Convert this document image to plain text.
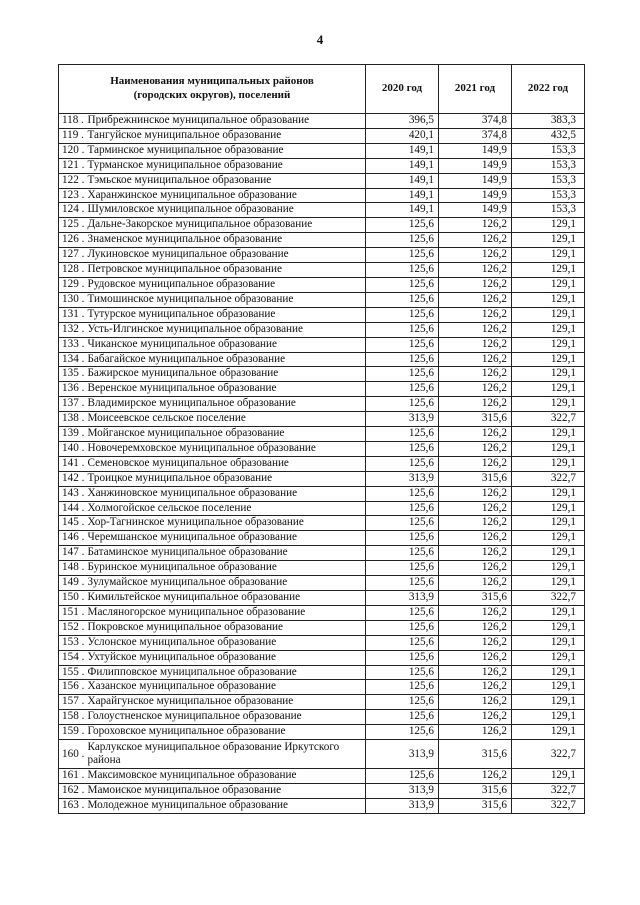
4
Наименования муниципальных районов
(городских округов), поселений		2020 год	2021 год	2022 год
118 .	Прибрежнинское муниципальное образование	396,5	374,8	383,3
119 .	Тангуйское муниципальное образование	420,1	374,8	432,5
120 .	Тарминское муниципальное образование	149,1	149,9	153,3
121 .	Турманское муниципальное образование	149,1	149,9	153,3
122 .	Тэмьское муниципальное образование	149,1	149,9	153,3
123 .	Харанжинское муниципальное образование	149,1	149,9	153,3
124 .	Шумиловское муниципальное образование	149,1	149,9	153,3
125 .	Дальне-Закорское муниципальное образование	125,6	126,2	129,1
126 .	Знаменское муниципальное образование	125,6	126,2	129,1
127 .	Лукиновское муниципальное образование	125,6	126,2	129,1
128 .	Петровское муниципальное образование	125,6	126,2	129,1
129 .	Рудовское муниципальное образование	125,6	126,2	129,1
130 .	Тимошинское муниципальное образование	125,6	126,2	129,1
131 .	Тутурское муниципальное образование	125,6	126,2	129,1
132 .	Усть-Илгинское муниципальное образование	125,6	126,2	129,1
133 .	Чиканское муниципальное образование	125,6	126,2	129,1
134 .	Бабагайское муниципальное образование	125,6	126,2	129,1
135 .	Бажирское муниципальное образование	125,6	126,2	129,1
136 .	Веренское муниципальное образование	125,6	126,2	129,1
137 .	Владимирское муниципальное образование	125,6	126,2	129,1
138 .	Моисеевское сельское поселение	313,9	315,6	322,7
139 .	Мойганское муниципальное образование	125,6	126,2	129,1
140 .	Новочеремховское муниципальное образование	125,6	126,2	129,1
141 .	Семеновское муниципальное образование	125,6	126,2	129,1
142 .	Троицкое муниципальное образование	313,9	315,6	322,7
143 .	Ханжиновское муниципальное образование	125,6	126,2	129,1
144 .	Холмогойское сельское поселение	125,6	126,2	129,1
145 .	Хор-Тагнинское муниципальное образование	125,6	126,2	129,1
146 .	Черемшанское муниципальное образование	125,6	126,2	129,1
147 .	Батаминское муниципальное образование	125,6	126,2	129,1
148 .	Буринское муниципальное образование	125,6	126,2	129,1
149 .	Зулумайское муниципальное образование	125,6	126,2	129,1
150 .	Кимильтейское муниципальное образование	313,9	315,6	322,7
151 .	Масляногорское муниципальное образование	125,6	126,2	129,1
152 .	Покровское муниципальное образование	125,6	126,2	129,1
153 .	Услонское муниципальное образование	125,6	126,2	129,1
154 .	Ухтуйское муниципальное образование	125,6	126,2	129,1
155 .	Филипповское муниципальное образование	125,6	126,2	129,1
156 .	Хазанское муниципальное образование	125,6	126,2	129,1
157 .	Харайгунское муниципальное образование	125,6	126,2	129,1
158 .	Голоустненское муниципальное образование	125,6	126,2	129,1
159 .	Гороховское муниципальное образование	125,6	126,2	129,1
160 .	Карлукское муниципальное образование Иркутского района	313,9	315,6	322,7
161 .	Максимовское муниципальное образование	125,6	126,2	129,1
162 .	Мамоиское муниципальное образование	313,9	315,6	322,7
163 .	Молодежное муниципальное образование	313,9	315,6	322,7
